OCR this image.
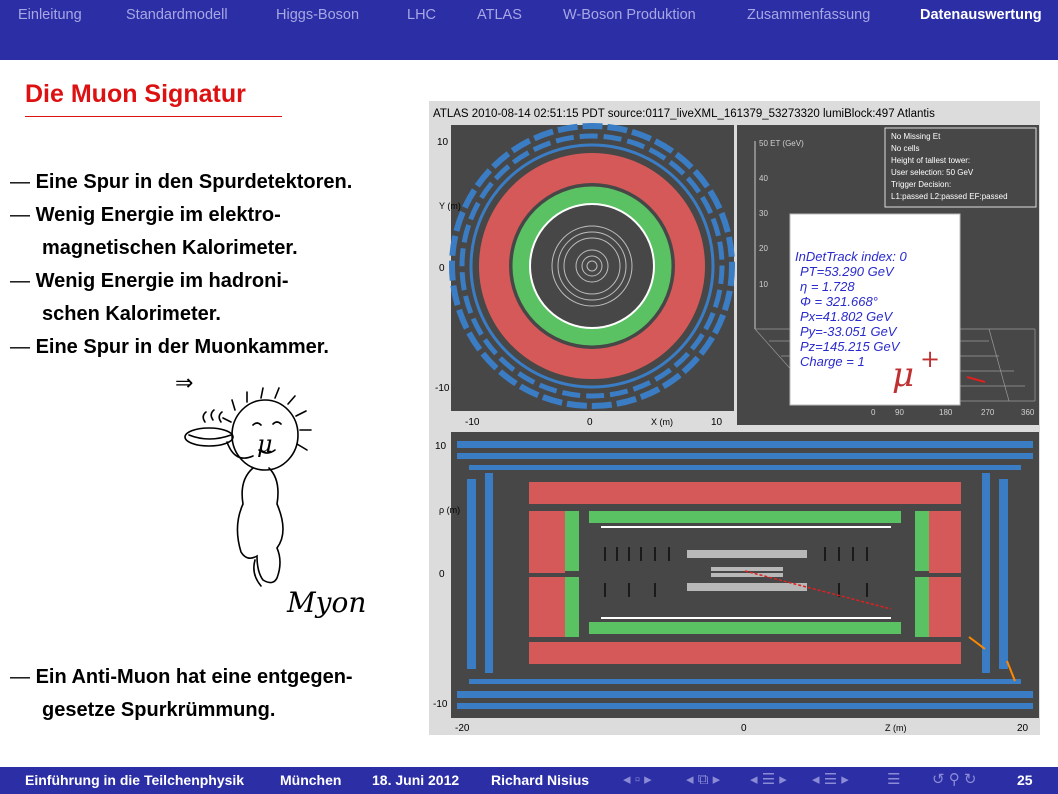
Einleitung	Standardmodell	Higgs-Boson	LHC	ATLAS	W-Boson Produktion	Zusammenfassung	Datenauswertung
Die Muon Signatur
— Eine Spur in den Spurdetektoren.
— Wenig Energie im elektro-
magnetischen Kalorimeter.
— Wenig Energie im hadroni-
schen Kalorimeter.
— Eine Spur in der Muonkammer.
— Ein Anti-Muon hat eine entgegen-
gesetze Spurkrümmung.
⇒
μ
Myon
ATLAS 2010-08-14 02:51:15 PDT source:0117_liveXML_161379_53273320 lumiBlock:497 Atlantis
10
0
-10
Y (m)
-10	0	10
X (m)
50 ET (GeV)
40
30
20
10
0 90	180	270	360
No Missing Et
No cells
Height of tallest tower:
User selection: 50 GeV
Trigger Decision:
L1:passed L2:passed EF:passed
InDetTrack index: 0
PT=53.290 GeV
η = 1.728
Φ = 321.668°
Px=41.802 GeV
Py=-33.051 GeV
Pz=145.215 GeV
Charge = 1 μ +
10
0
-10
ρ (m)
-20	0	20
Z (m)
Einführung in die Teilchenphysik	München 18. Juni 2012 Richard Nisius ◂ ▫ ▸ ◂ ⧉ ▸ ◂ ☰ ▸ ◂ ☰ ▸	☰ ↺ ⚲ ↻	25
